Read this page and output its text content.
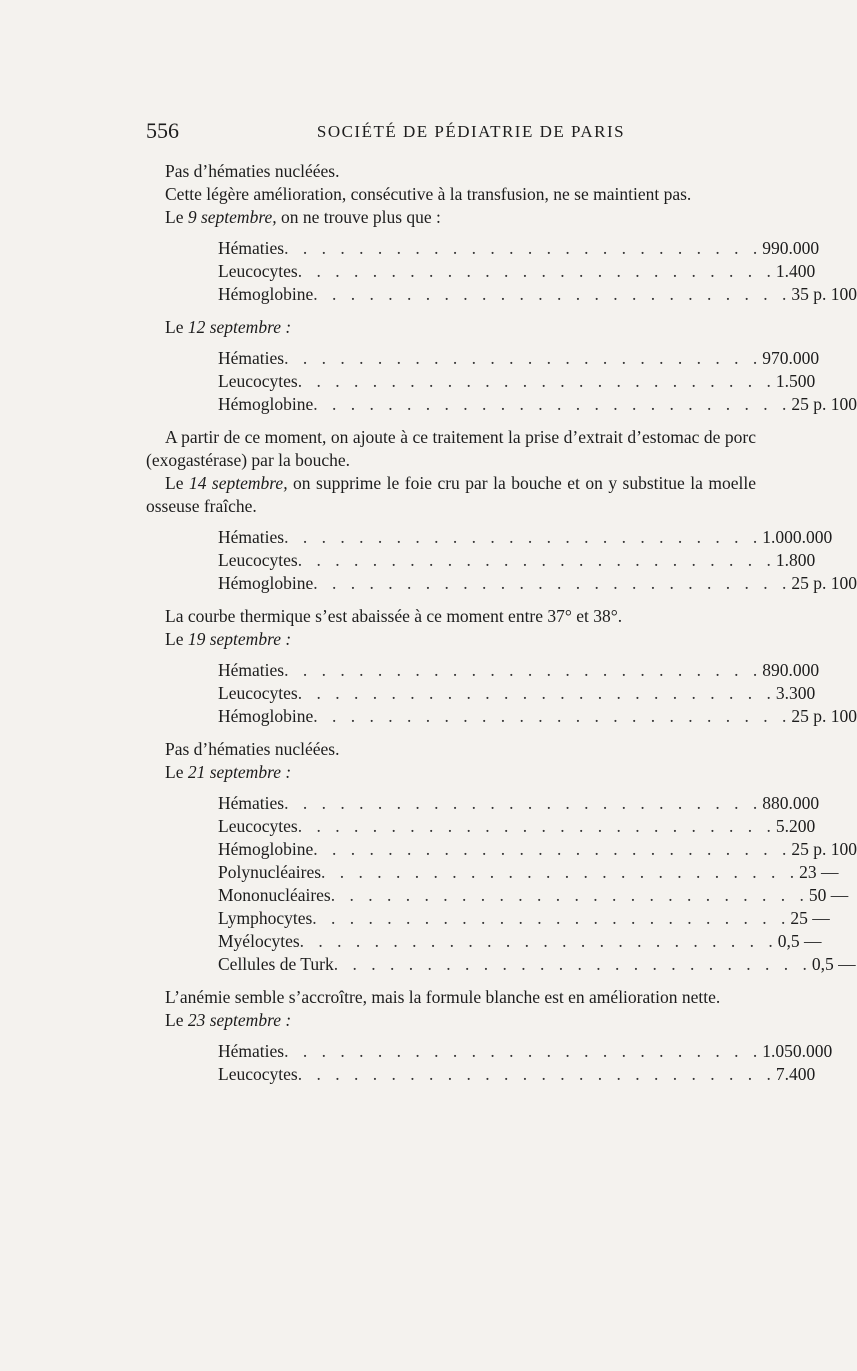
556	SOCIÉTÉ DE PÉDIATRIE DE PARIS

Pas d’hématies nucléées.

Cette légère amélioration, consécutive à la transfusion, ne se maintient pas.

Le 9 septembre, on ne trouve plus que :

Hématies . . . . . . . . . . . . . . . . . . . . . . . . . . 990.000
Leucocytes . . . . . . . . . . . . . . . . . . . . . . . . . . 1.400
Hémoglobine . . . . . . . . . . . . . . . . . . . . . . . . . . 35 p. 100

Le 12 septembre :

Hématies . . . . . . . . . . . . . . . . . . . . . . . . . . 970.000
Leucocytes . . . . . . . . . . . . . . . . . . . . . . . . . . 1.500
Hémoglobine . . . . . . . . . . . . . . . . . . . . . . . . . . 25 p. 100

A partir de ce moment, on ajoute à ce traitement la prise d’extrait d’estomac de porc (exogastérase) par la bouche.

Le 14 septembre, on supprime le foie cru par la bouche et on y substitue la moelle osseuse fraîche.

Hématies . . . . . . . . . . . . . . . . . . . . . . . . . . 1.000.000
Leucocytes . . . . . . . . . . . . . . . . . . . . . . . . . . 1.800
Hémoglobine . . . . . . . . . . . . . . . . . . . . . . . . . . 25 p. 100

La courbe thermique s’est abaissée à ce moment entre 37° et 38°.

Le 19 septembre :

Hématies . . . . . . . . . . . . . . . . . . . . . . . . . . 890.000
Leucocytes . . . . . . . . . . . . . . . . . . . . . . . . . . 3.300
Hémoglobine . . . . . . . . . . . . . . . . . . . . . . . . . . 25 p. 100

Pas d’hématies nucléées.

Le 21 septembre :

Hématies . . . . . . . . . . . . . . . . . . . . . . . . . . 880.000
Leucocytes . . . . . . . . . . . . . . . . . . . . . . . . . . 5.200
Hémoglobine . . . . . . . . . . . . . . . . . . . . . . . . . . 25 p. 100
Polynucléaires . . . . . . . . . . . . . . . . . . . . . . . . . . 23 —
Mononucléaires . . . . . . . . . . . . . . . . . . . . . . . . . . 50 —
Lymphocytes . . . . . . . . . . . . . . . . . . . . . . . . . . 25 —
Myélocytes . . . . . . . . . . . . . . . . . . . . . . . . . . 0,5 —
Cellules de Turk . . . . . . . . . . . . . . . . . . . . . . . . . . 0,5 —

L’anémie semble s’accroître, mais la formule blanche est en amélioration nette.

Le 23 septembre :

Hématies . . . . . . . . . . . . . . . . . . . . . . . . . . 1.050.000
Leucocytes . . . . . . . . . . . . . . . . . . . . . . . . . . 7.400
